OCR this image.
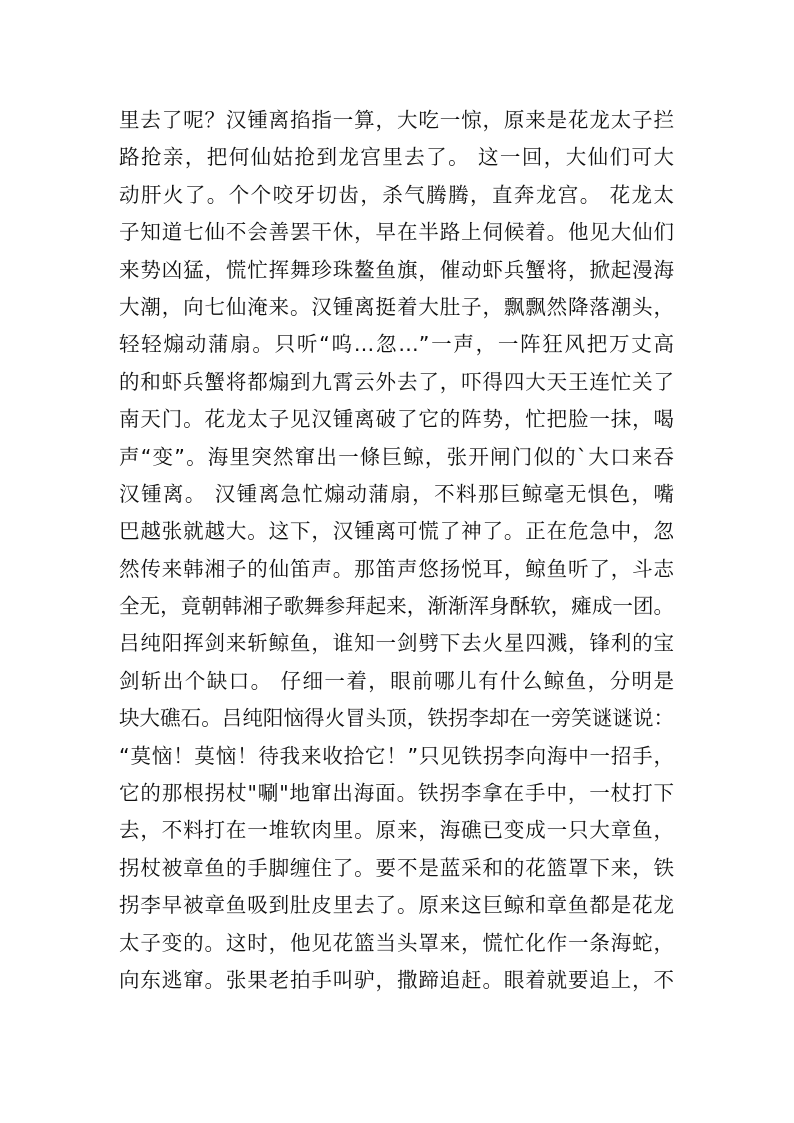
里去了呢？汉锺离掐指一算，大吃一惊，原来是花龙太子拦
路抢亲，把何仙姑抢到龙宫里去了。 这一回，大仙们可大
动肝火了。个个咬牙切齿，杀气腾腾，直奔龙宫。 花龙太
子知道七仙不会善罢干休，早在半路上伺候着。他见大仙们
来势凶猛，慌忙挥舞珍珠鳌鱼旗，催动虾兵蟹将，掀起漫海
大潮，向七仙淹来。汉锺离挺着大肚子，飘飘然降落潮头，
轻轻煽动蒲扇。只听“呜…忽…”一声，一阵狂风把万丈高
的和虾兵蟹将都煽到九霄云外去了，吓得四大天王连忙关了
南天门。花龙太子见汉锺离破了它的阵势，忙把脸一抹，喝
声“变”。海里突然窜出一條巨鲸，张开闸门似的`大口来吞
汉锺离。 汉锺离急忙煽动蒲扇，不料那巨鲸毫无惧色，嘴
巴越张就越大。这下，汉锺离可慌了神了。正在危急中，忽
然传来韩湘子的仙笛声。那笛声悠扬悦耳，鲸鱼听了，斗志
全无，竟朝韩湘子歌舞参拜起来，渐渐浑身酥软，瘫成一团。
吕纯阳挥剑来斩鲸鱼，谁知一剑劈下去火星四溅，锋利的宝
剑斩出个缺口。 仔细一着，眼前哪儿有什么鲸鱼，分明是
块大礁石。吕纯阳恼得火冒头顶，铁拐李却在一旁笑谜谜说：
“莫恼！莫恼！待我来收拾它！”只见铁拐李向海中一招手，
它的那根拐杖"唰"地窜出海面。铁拐李拿在手中，一杖打下
去，不料打在一堆软肉里。原来，海礁已变成一只大章鱼，
拐杖被章鱼的手脚缠住了。要不是蓝采和的花篮罩下来，铁
拐李早被章鱼吸到肚皮里去了。原来这巨鲸和章鱼都是花龙
太子变的。这时，他见花篮当头罩来，慌忙化作一条海蛇，
向东逃窜。张果老拍手叫驴，撒蹄追赶。眼着就要追上，不
